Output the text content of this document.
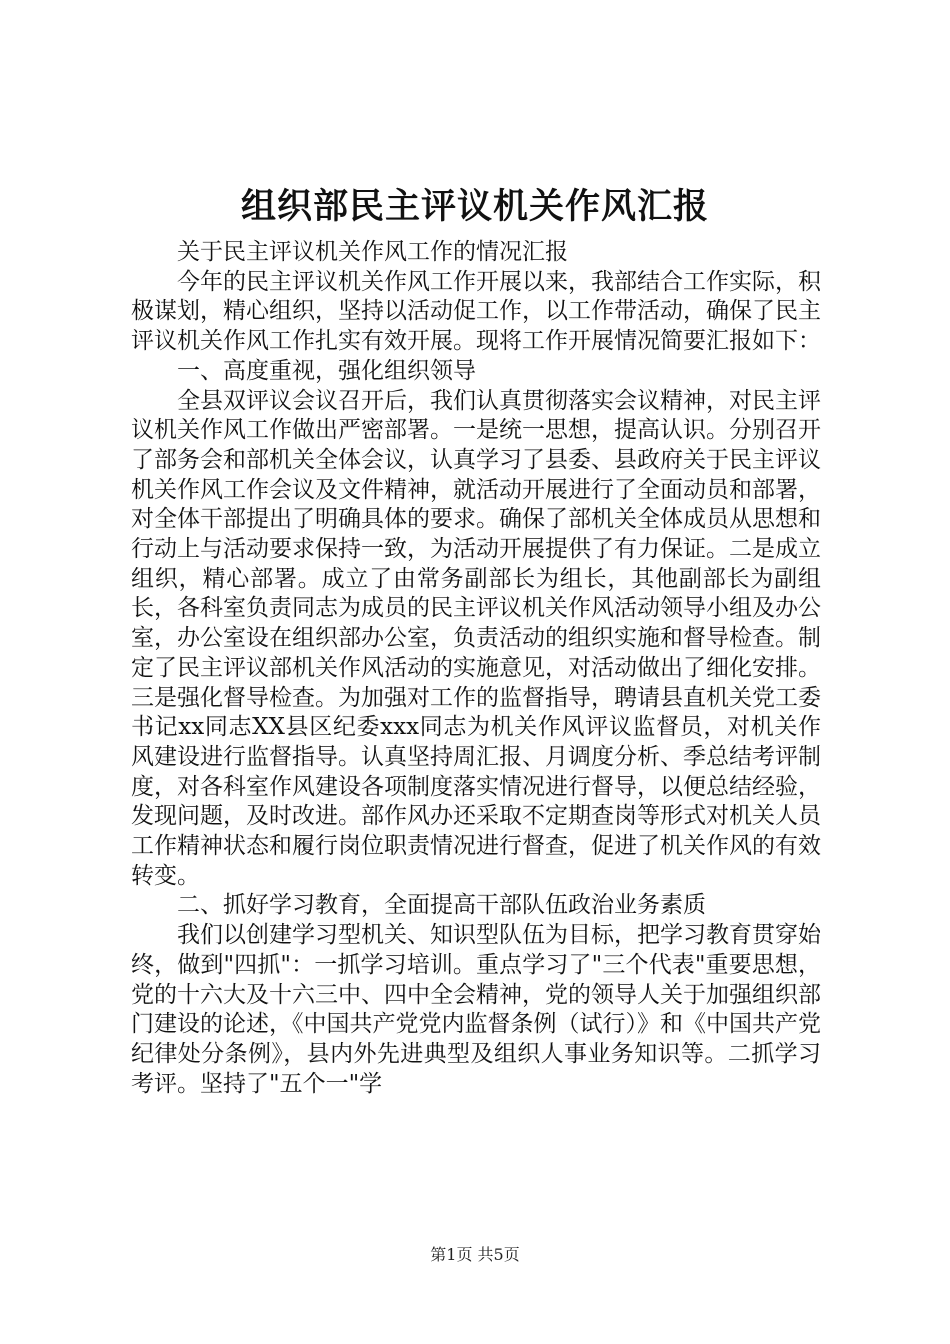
组织部民主评议机关作风汇报

关于民主评议机关作风工作的情况汇报

今年的民主评议机关作风工作开展以来，我部结合工作实际，积极谋划，精心组织，坚持以活动促工作，以工作带活动，确保了民主评议机关作风工作扎实有效开展。现将工作开展情况简要汇报如下：

一、高度重视，强化组织领导

全县双评议会议召开后，我们认真贯彻落实会议精神，对民主评议机关作风工作做出严密部署。一是统一思想，提高认识。分别召开了部务会和部机关全体会议，认真学习了县委、县政府关于民主评议机关作风工作会议及文件精神，就活动开展进行了全面动员和部署，对全体干部提出了明确具体的要求。确保了部机关全体成员从思想和行动上与活动要求保持一致，为活动开展提供了有力保证。二是成立组织，精心部署。成立了由常务副部长为组长，其他副部长为副组长，各科室负责同志为成员的民主评议机关作风活动领导小组及办公室，办公室设在组织部办公室，负责活动的组织实施和督导检查。制定了民主评议部机关作风活动的实施意见，对活动做出了细化安排。三是强化督导检查。为加强对工作的监督指导，聘请县直机关党工委书记xx同志XX县区纪委xxx同志为机关作风评议监督员，对机关作风建设进行监督指导。认真坚持周汇报、月调度分析、季总结考评制度，对各科室作风建设各项制度落实情况进行督导，以便总结经验，发现问题，及时改进。部作风办还采取不定期查岗等形式对机关人员工作精神状态和履行岗位职责情况进行督查，促进了机关作风的有效转变。

二、抓好学习教育，全面提高干部队伍政治业务素质

我们以创建学习型机关、知识型队伍为目标，把学习教育贯穿始终，做到"四抓"：一抓学习培训。重点学习了"三个代表"重要思想，党的十六大及十六三中、四中全会精神，党的领导人关于加强组织部门建设的论述，《中国共产党党内监督条例（试行）》和《中国共产党纪律处分条例》，县内外先进典型及组织人事业务知识等。二抓学习考评。坚持了"五个一"学

第1页 共5页
